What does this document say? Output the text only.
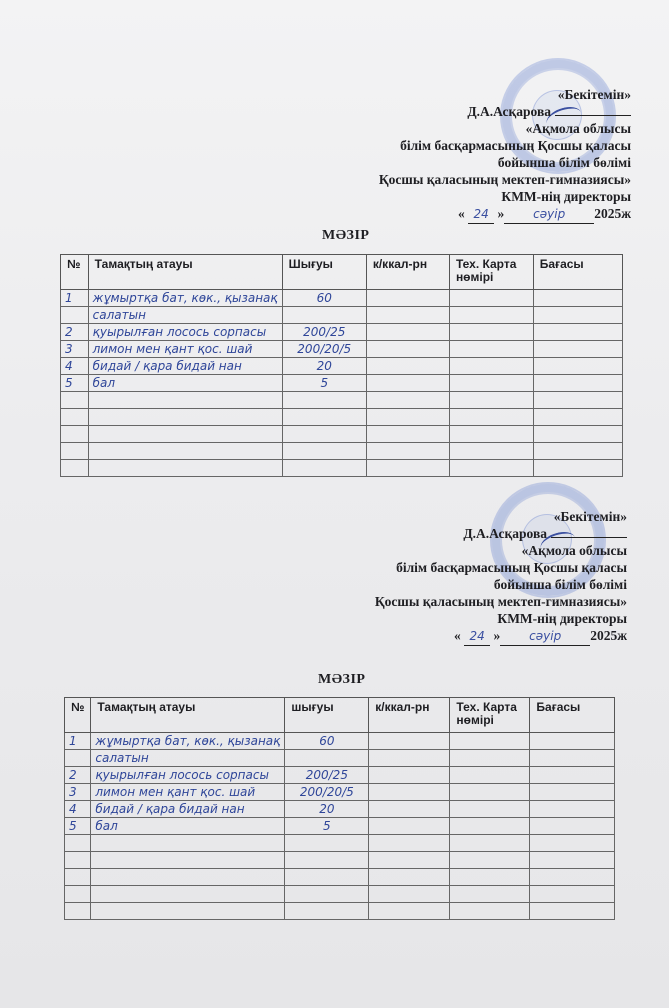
«Бекітемін»
Д.А.Асқарова
«Ақмола облысы
білім басқармасының Қосшы қаласы
бойынша білім бөлімі
Қосшы қаласының мектеп-гимназиясы»
КММ-нің директоры
« 24 » сәуір 2025ж
МӘЗІР
№	Тамақтың атауы	Шығуы	к/ккал-рн	Тех. Карта нөмірі	Бағасы
1	жұмыртқа бат, көк., қызанақ	60			
	салатын				
2	қуырылған лосось сорпасы	200/25			
3	лимон мен қант қос. шай	200/20/5			
4	бидай / қара бидай нан	20			
5	бал	5			

«Бекітемін»
Д.А.Асқарова
«Ақмола облысы
білім басқармасының Қосшы қаласы
бойынша білім бөлімі
Қосшы қаласының мектеп-гимназиясы»
КММ-нің директоры
« 24 » сәуір 2025ж
МӘЗІР
№	Тамақтың атауы	шығуы	к/ккал-рн	Тех. Карта нөмірі	Бағасы
1	жұмыртқа бат, көк., қызанақ	60			
	салатын				
2	қуырылған лосось сорпасы	200/25			
3	лимон мен қант қос. шай	200/20/5			
4	бидай / қара бидай нан	20			
5	бал	5			
